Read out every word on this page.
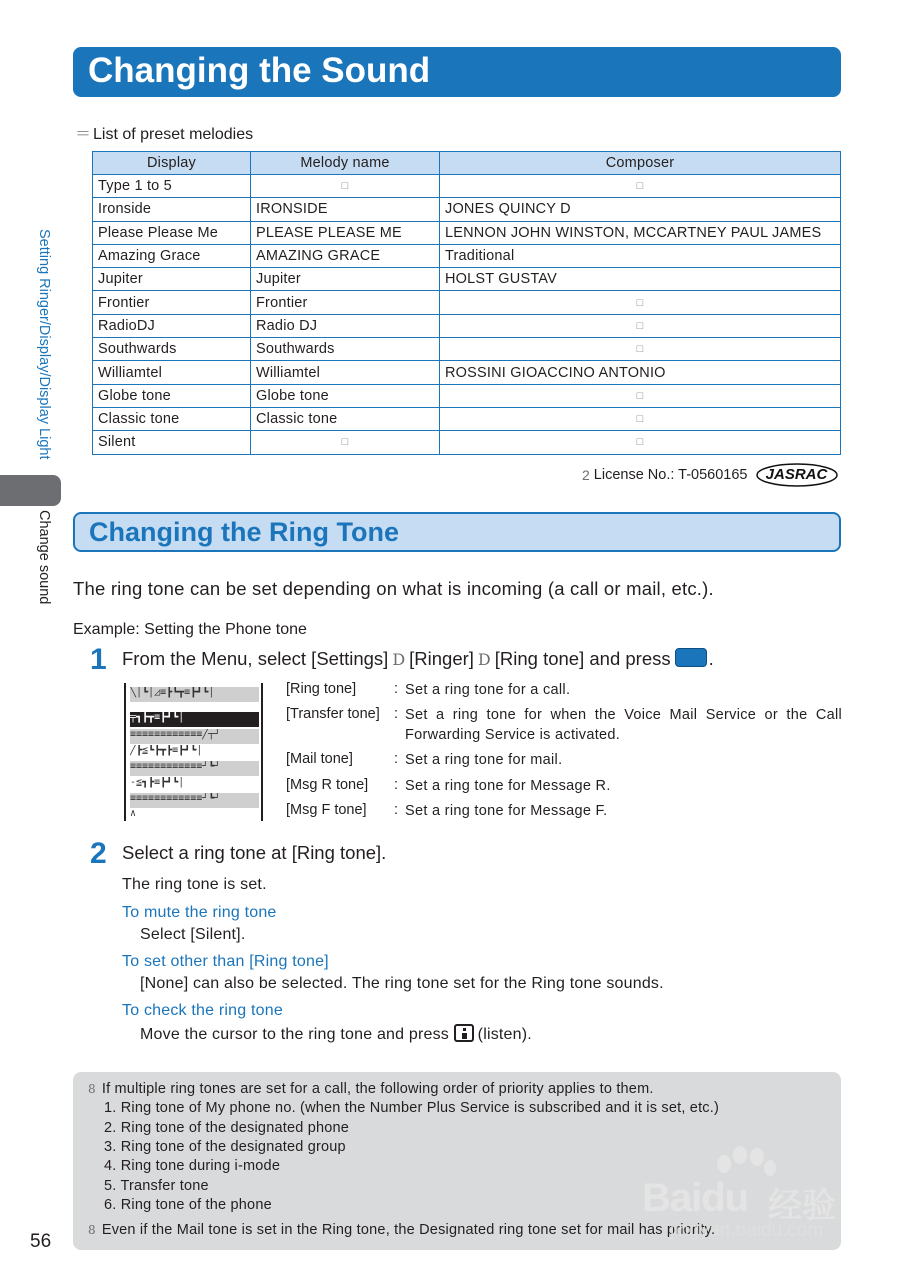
Changing the Sound
Setting Ringer/Display/Display Light
Change sound
＝ List of preset melodies
Display	Melody name	Composer
Type 1 to 5	□	□
Ironside	IRONSIDE	JONES QUINCY D
Please Please Me	PLEASE PLEASE ME	LENNON JOHN WINSTON, MCCARTNEY PAUL JAMES
Amazing Grace	AMAZING GRACE	Traditional
Jupiter	Jupiter	HOLST GUSTAV
Frontier	Frontier	□
RadioDJ	Radio DJ	□
Southwards	Southwards	□
Williamtel	Williamtel	ROSSINI GIOACCINO ANTONIO
Globe tone	Globe tone	□
Classic tone	Classic tone	□
Silent	□	□
2 License No.: T-0560165	JASRAC
Changing the Ring Tone
The ring tone can be set depending on what is incoming (a call or mail, etc.).
Example: Setting the Phone tone
1 From the Menu, select [Settings] D [Ringer] D [Ring tone] and press .
╲│┗│◿≡┣┗┳≡┣┛┗│
╤┓┣┳≡┣┛┗│
≡≡≡≡≡≡≡≡≡≡≡≡╱┬┘
╱┣≦┗┣┳┣≡┣┛┗│
≡≡≡≡≡≡≡≡≡≡≡≡┘┗┘
-≦┓┣≡┣┛┗│
≡≡≡≡≡≡≡≡≡≡≡≡┘┗┘
∧
[Ring tone]	: Set a ring tone for a call.
[Transfer tone] : Set a ring tone for when the Voice Mail Service or the Call Forwarding Service is activated.
[Mail tone]	: Set a ring tone for mail.
[Msg R tone] : Set a ring tone for Message R.
[Msg F tone] : Set a ring tone for Message F.
2 Select a ring tone at [Ring tone].
The ring tone is set.
To mute the ring tone
Select [Silent].
To set other than [Ring tone]
[None] can also be selected. The ring tone set for the Ring tone sounds.
To check the ring tone
Move the cursor to the ring tone and press (listen).
8 If multiple ring tones are set for a call, the following order of priority applies to them.
1. Ring tone of My phone no. (when the Number Plus Service is subscribed and it is set, etc.)
2. Ring tone of the designated phone
3. Ring tone of the designated group
4. Ring tone during i-mode
5. Transfer tone
6. Ring tone of the phone
8 Even if the Mail tone is set in the Ring tone, the Designated ring tone set for mail has priority.
56
Baidu 经验
jingyan.baidu.com
